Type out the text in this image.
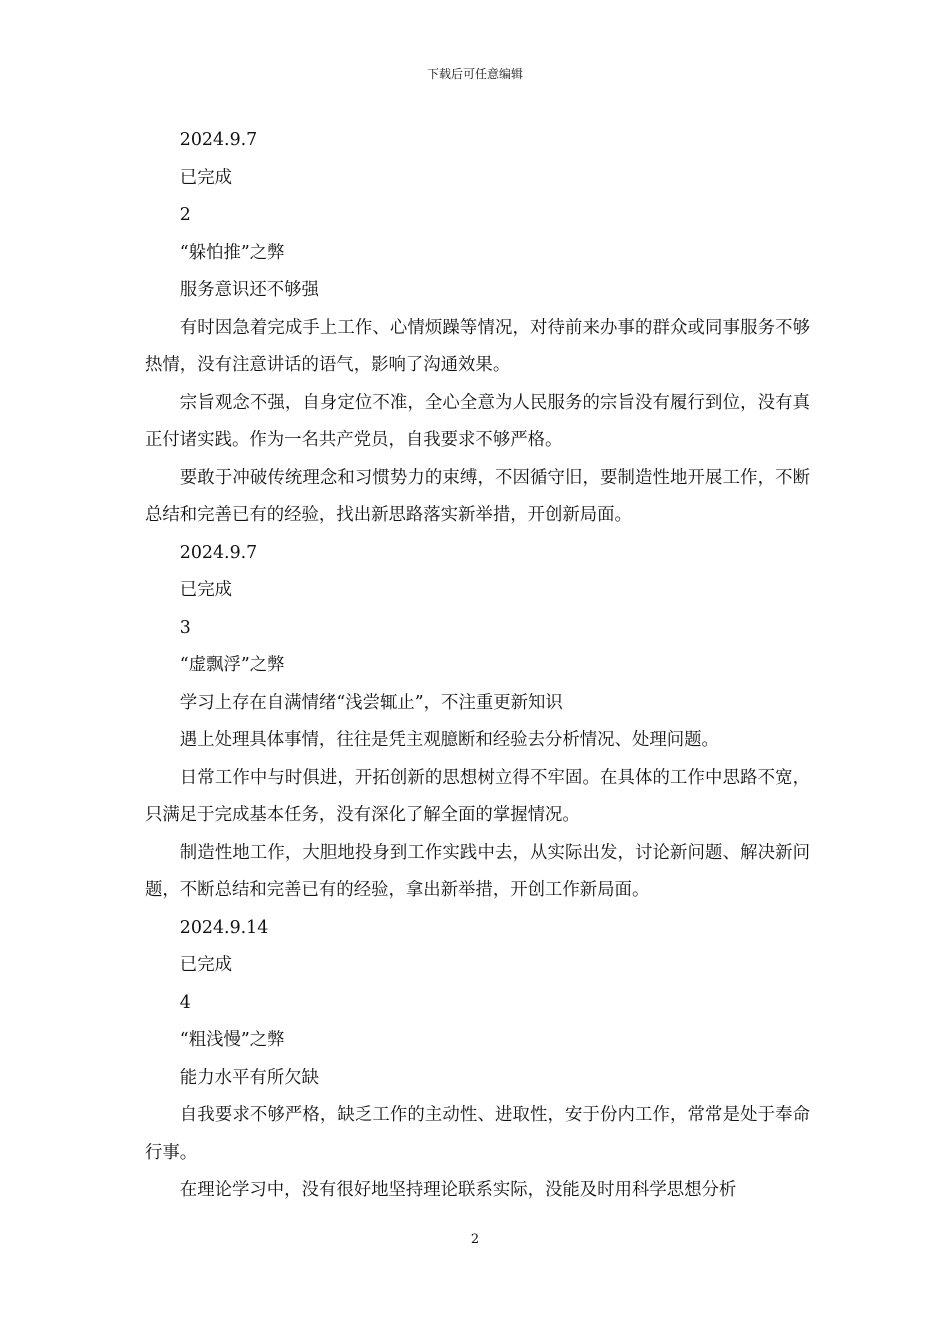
下载后可任意编辑

2024.9.7

已完成

2

“躲怕推”之弊

服务意识还不够强

有时因急着完成手上工作、心情烦躁等情况，对待前来办事的群众或同事服务不够热情，没有注意讲话的语气，影响了沟通效果。

宗旨观念不强，自身定位不准，全心全意为人民服务的宗旨没有履行到位，没有真正付诸实践。作为一名共产党员，自我要求不够严格。

要敢于冲破传统理念和习惯势力的束缚，不因循守旧，要制造性地开展工作，不断总结和完善已有的经验，找出新思路落实新举措，开创新局面。

2024.9.7

已完成

3

“虚飘浮”之弊

学习上存在自满情绪“浅尝辄止”，不注重更新知识

遇上处理具体事情，往往是凭主观臆断和经验去分析情况、处理问题。

日常工作中与时俱进，开拓创新的思想树立得不牢固。在具体的工作中思路不宽，只满足于完成基本任务，没有深化了解全面的掌握情况。

制造性地工作，大胆地投身到工作实践中去，从实际出发，讨论新问题、解决新问题，不断总结和完善已有的经验，拿出新举措，开创工作新局面。

2024.9.14

已完成

4

“粗浅慢”之弊

能力水平有所欠缺

自我要求不够严格，缺乏工作的主动性、进取性，安于份内工作，常常是处于奉命行事。

在理论学习中，没有很好地坚持理论联系实际，没能及时用科学思想分析

2
